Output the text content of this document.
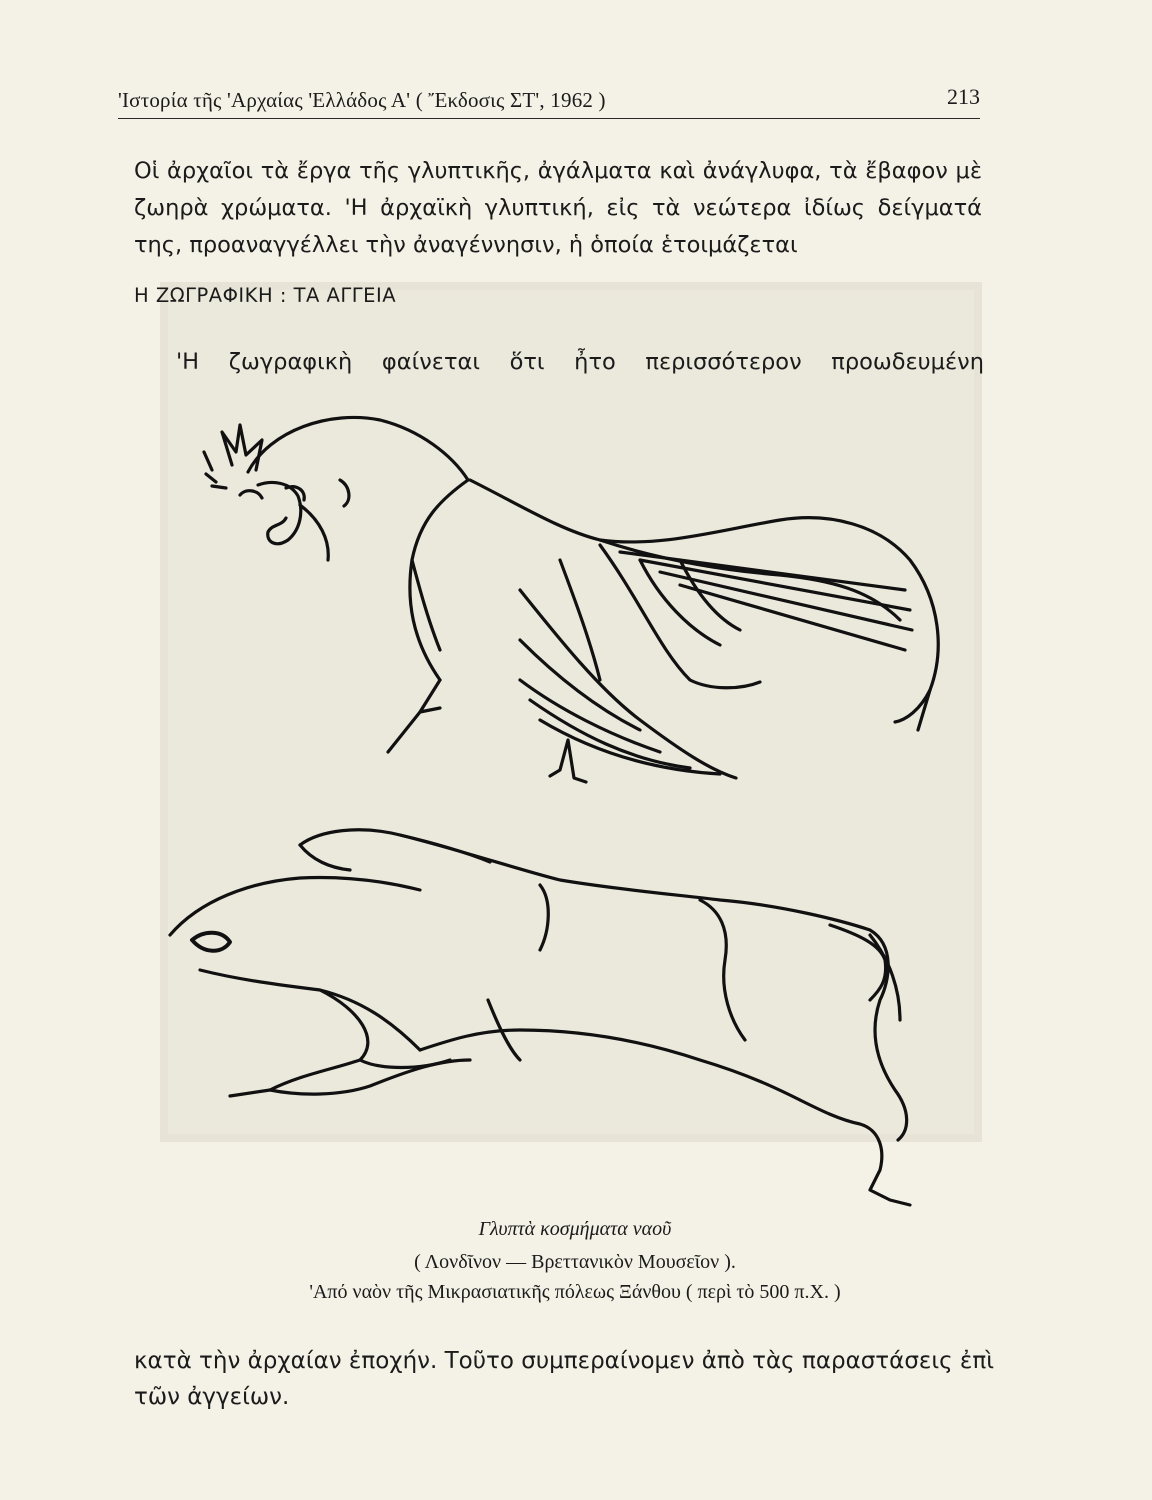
'Ιστορία τῆς 'Αρχαίας 'Ελλάδος Α' ( Ἔκδοσις ΣΤ', 1962 )	213
Οἱ ἀρχαῖοι τὰ ἔργα τῆς γλυπτικῆς, ἀγάλματα καὶ ἀνάγλυφα, τὰ ἔβαφον μὲ ζωηρὰ χρώματα. 'Η ἀρχαϊκὴ γλυπτική, εἰς τὰ νεώτερα ἰδίως δείγματά της, προαναγγέλλει τὴν ἀναγέννησιν, ἡ ὁποία ἑτοιμάζεται
Η ΖΩΓΡΑΦΙΚΗ : ΤΑ ΑΓΓΕΙΑ
'Η ζωγραφικὴ φαίνεται ὅτι ἦτο περισσότερον προωδευμένη
Γλυπτὰ κοσμήματα ναοῦ
( Λονδῖνον — Βρεττανικὸν Μουσεῖον ).
'Από ναὸν τῆς Μικρασιατικῆς πόλεως Ξάνθου ( περὶ τὸ 500 π.Χ. )
κατὰ τὴν ἀρχαίαν ἐποχήν. Τοῦτο συμπεραίνομεν ἀπὸ τὰς παραστάσεις ἐπὶ τῶν ἀγγείων.
